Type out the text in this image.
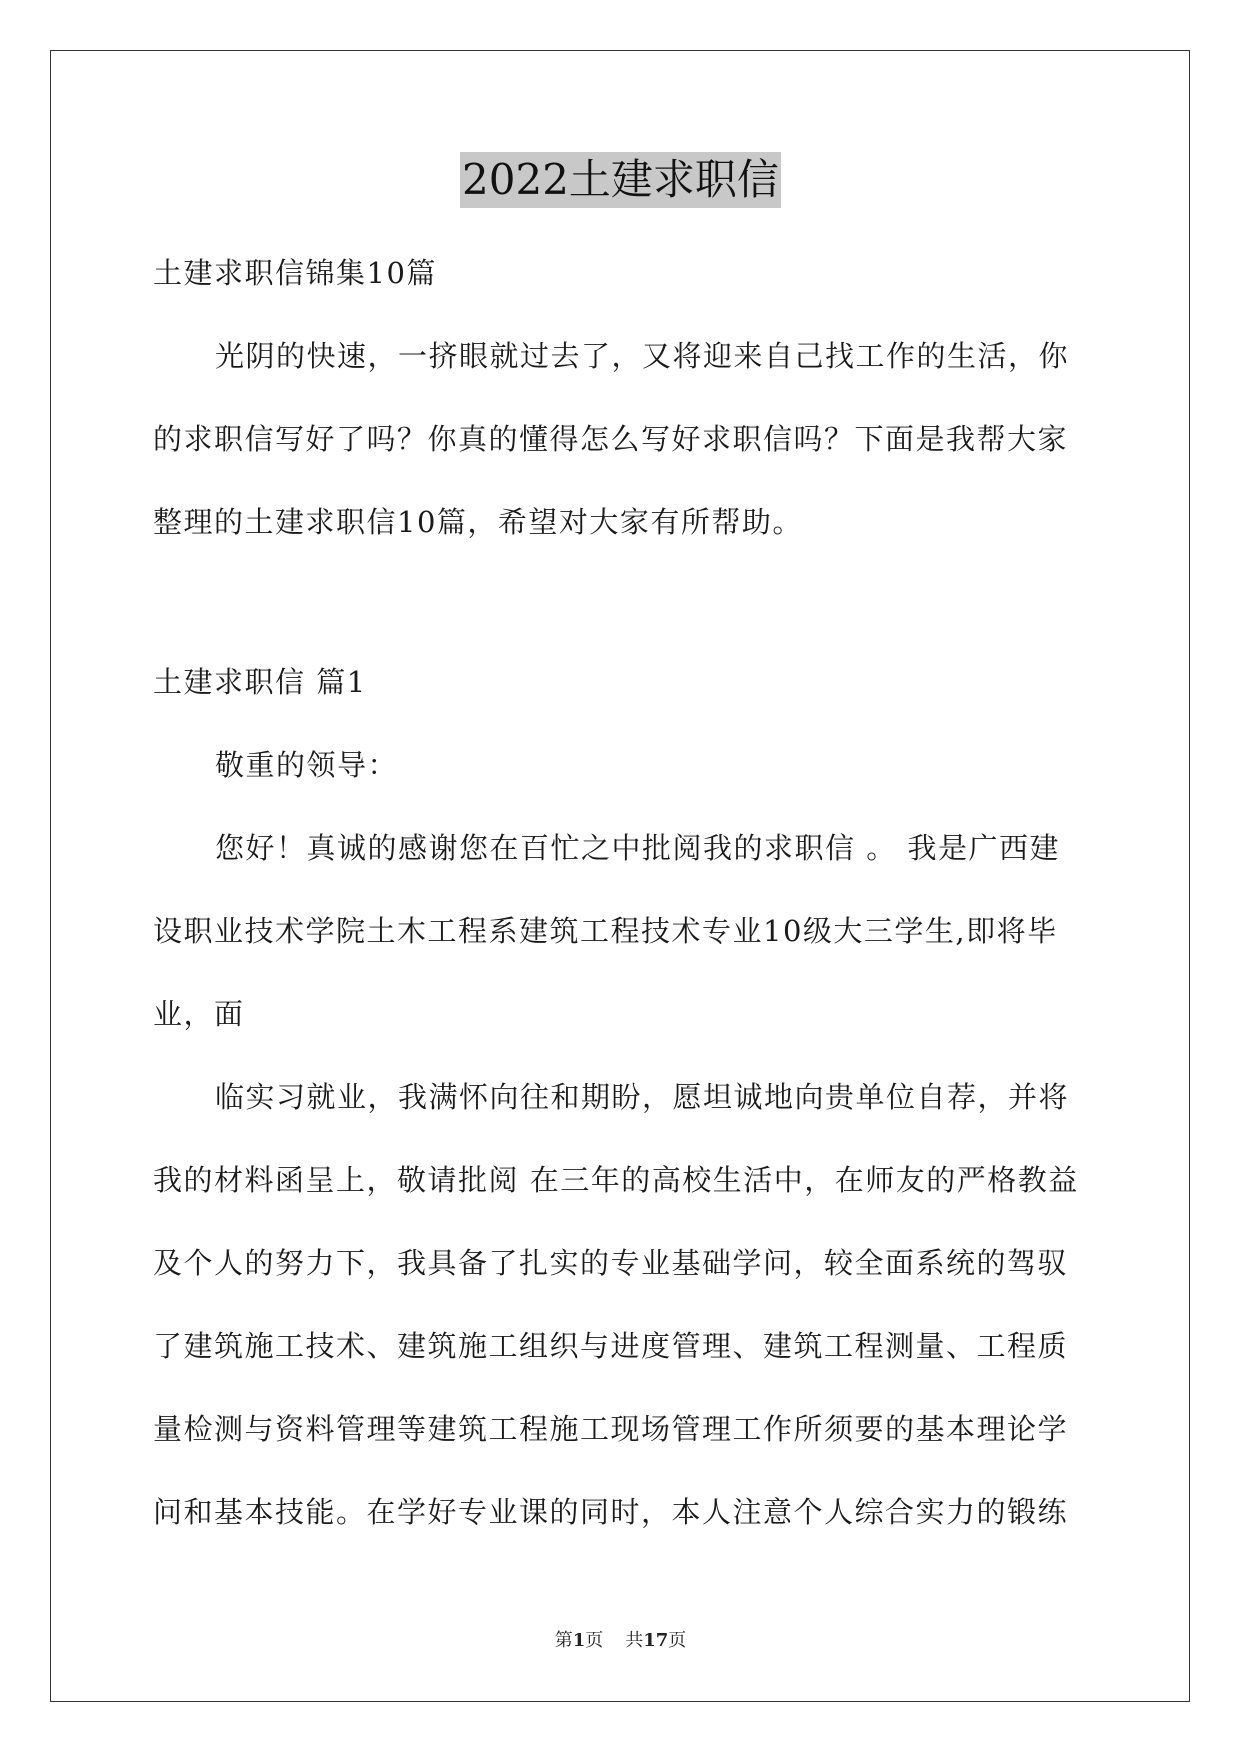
2022土建求职信

土建求职信锦集10篇

光阴的快速，一挤眼就过去了，又将迎来自己找工作的生活，你

的求职信写好了吗？你真的懂得怎么写好求职信吗？下面是我帮大家

整理的土建求职信10篇，希望对大家有所帮助。

土建求职信 篇1

敬重的领导：

您好！真诚的感谢您在百忙之中批阅我的求职信 。 我是广西建

设职业技术学院土木工程系建筑工程技术专业10级大三学生,即将毕

业，面

临实习就业，我满怀向往和期盼，愿坦诚地向贵单位自荐，并将

我的材料函呈上，敬请批阅 在三年的高校生活中，在师友的严格教益

及个人的努力下，我具备了扎实的专业基础学问，较全面系统的驾驭

了建筑施工技术、建筑施工组织与进度管理、建筑工程测量、工程质

量检测与资料管理等建筑工程施工现场管理工作所须要的基本理论学

问和基本技能。在学好专业课的同时，本人注意个人综合实力的锻练

第1页 共17页
